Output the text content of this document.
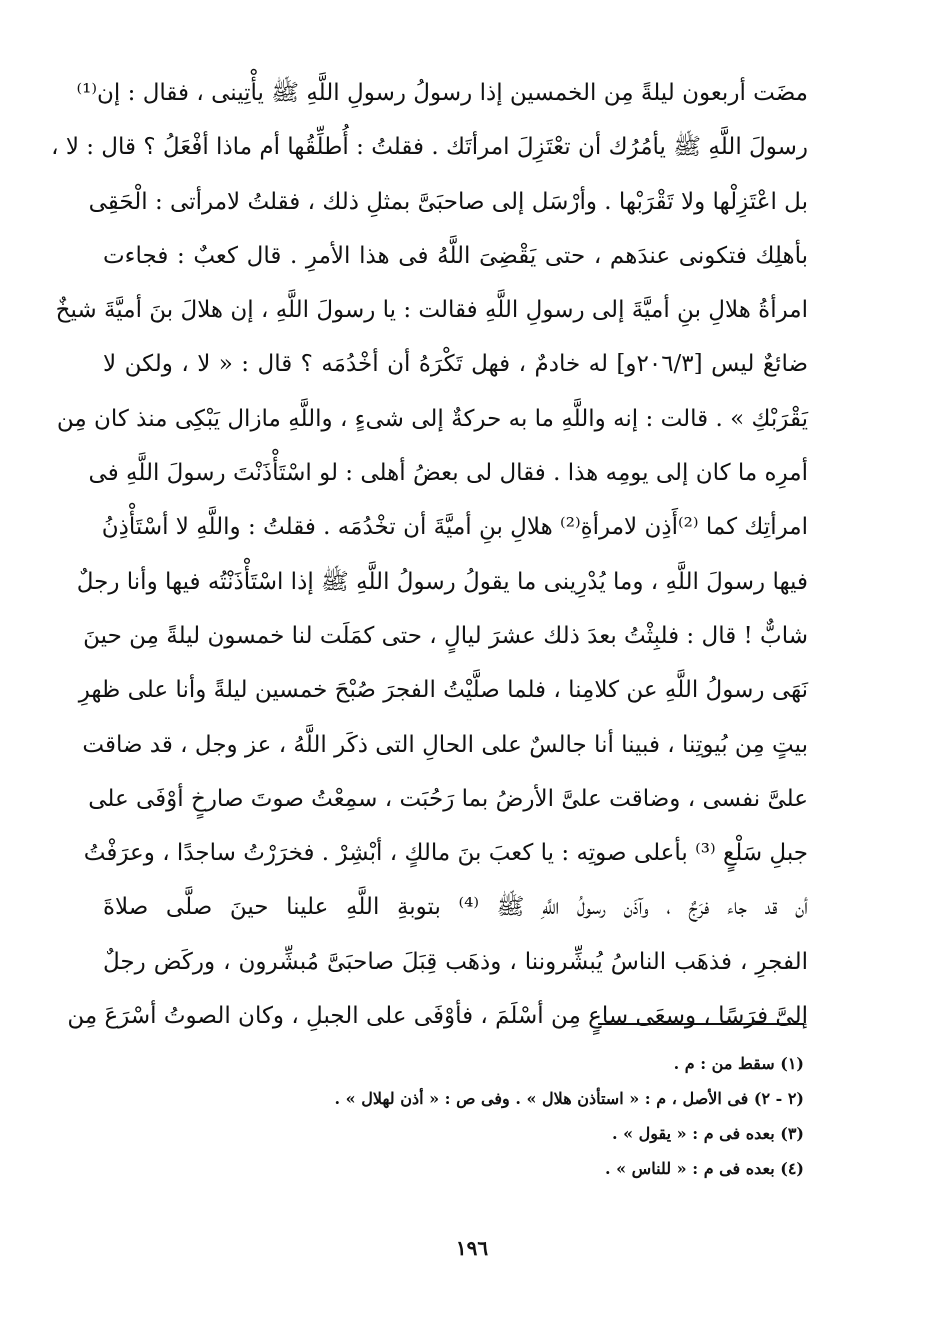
مضَت أربعون ليلةً مِن الخمسين إذا رسولُ رسولِ اللَّهِ ﷺ يأْتِينى ، فقال : إن⁽¹⁾
رسولَ اللَّهِ ﷺ يأمُرُك أن تعْتَزِلَ امرأتَك . فقلتُ : أُطلِّقُها أم ماذا أفْعَلُ ؟ قال : لا ،
بل اعْتَزِلْها ولا تَقْرَبْها . وأرْسَل إلى صاحبَىَّ بمثلِ ذلك ، فقلتُ لامرأتى : الْحَقِى
بأهلِك فتكونى عندَهم ، حتى يَقْضِىَ اللَّهُ فى هذا الأمرِ . قال كعبٌ : فجاءت
امرأةُ هلالِ بنِ أميَّةَ إلى رسولِ اللَّهِ فقالت : يا رسولَ اللَّهِ ، إن هلالَ بنَ أميَّةَ شيخٌ
ضائعٌ ليس [٢٠٦/٣و] له خادمٌ ، فهل تَكْرَهُ أن أخْدُمَه ؟ قال : « لا ، ولكن لا
يَقْرَبْكِ » . قالت : إنه واللَّهِ ما به حركةٌ إلى شىءٍ ، واللَّهِ مازال يَبْكِى منذ كان مِن
أمرِه ما كان إلى يومِه هذا . فقال لى بعضُ أهلى : لو اسْتَأْذَنْتَ رسولَ اللَّهِ فى
امرأتِك كما ⁽²⁾أَذِن لامرأةِ⁽²⁾ هلالِ بنِ أميَّةَ أن تخْدُمَه . فقلتُ : واللَّهِ لا أسْتَأْذِنُ
فيها رسولَ اللَّهِ ، وما يُدْرِينى ما يقولُ رسولُ اللَّهِ ﷺ إذا اسْتَأْذَنْتُه فيها وأنا رجلٌ
شابٌّ ! قال : فلبِثْتُ بعدَ ذلك عشرَ ليالٍ ، حتى كمَلَت لنا خمسون ليلةً مِن حينَ
نَهَى رسولُ اللَّهِ عن كلامِنا ، فلما صلَّيْتُ الفجرَ صُبْحَ خمسين ليلةً وأنا على ظهرِ
بيتٍ مِن بُيوتِنا ، فبينا أنا جالسٌ على الحالِ التى ذكَر اللَّهُ ، عز وجل ، قد ضاقت
علىَّ نفسى ، وضاقت علىَّ الأرضُ بما رَحُبَت ، سمِعْتُ صوتَ صارخٍ أوْفَى على
جبلِ سَلْعٍ ⁽³⁾ بأعلى صوتِه : يا كعبَ بنَ مالكٍ ، أبْشِرْ . فخرَرْتُ ساجدًا ، وعرَفْتُ
أن قد جاء فرَجٌ ، وآذَن رسولُ اللَّهِ ﷺ ⁽⁴⁾ بتوبةِ اللَّهِ علينا حينَ صلَّى صلاةَ
الفجرِ ، فذهَب الناسُ يُبشِّروننا ، وذهَب قِبَلَ صاحبَىَّ مُبشِّرون ، وركَض رجلٌ
إلىَّ فرَسًا ، وسعَى ساعٍ مِن أسْلَمَ ، فأوْفَى على الجبلِ ، وكان الصوتُ أسْرَعَ مِن
(١) سقط من : م .
(٢ - ٢) فى الأصل ، م : « استأذن هلال » . وفى ص : « أذن لهلال » .
(٣) بعده فى م : « يقول » .
(٤) بعده فى م : « للناس » .
١٩٦
